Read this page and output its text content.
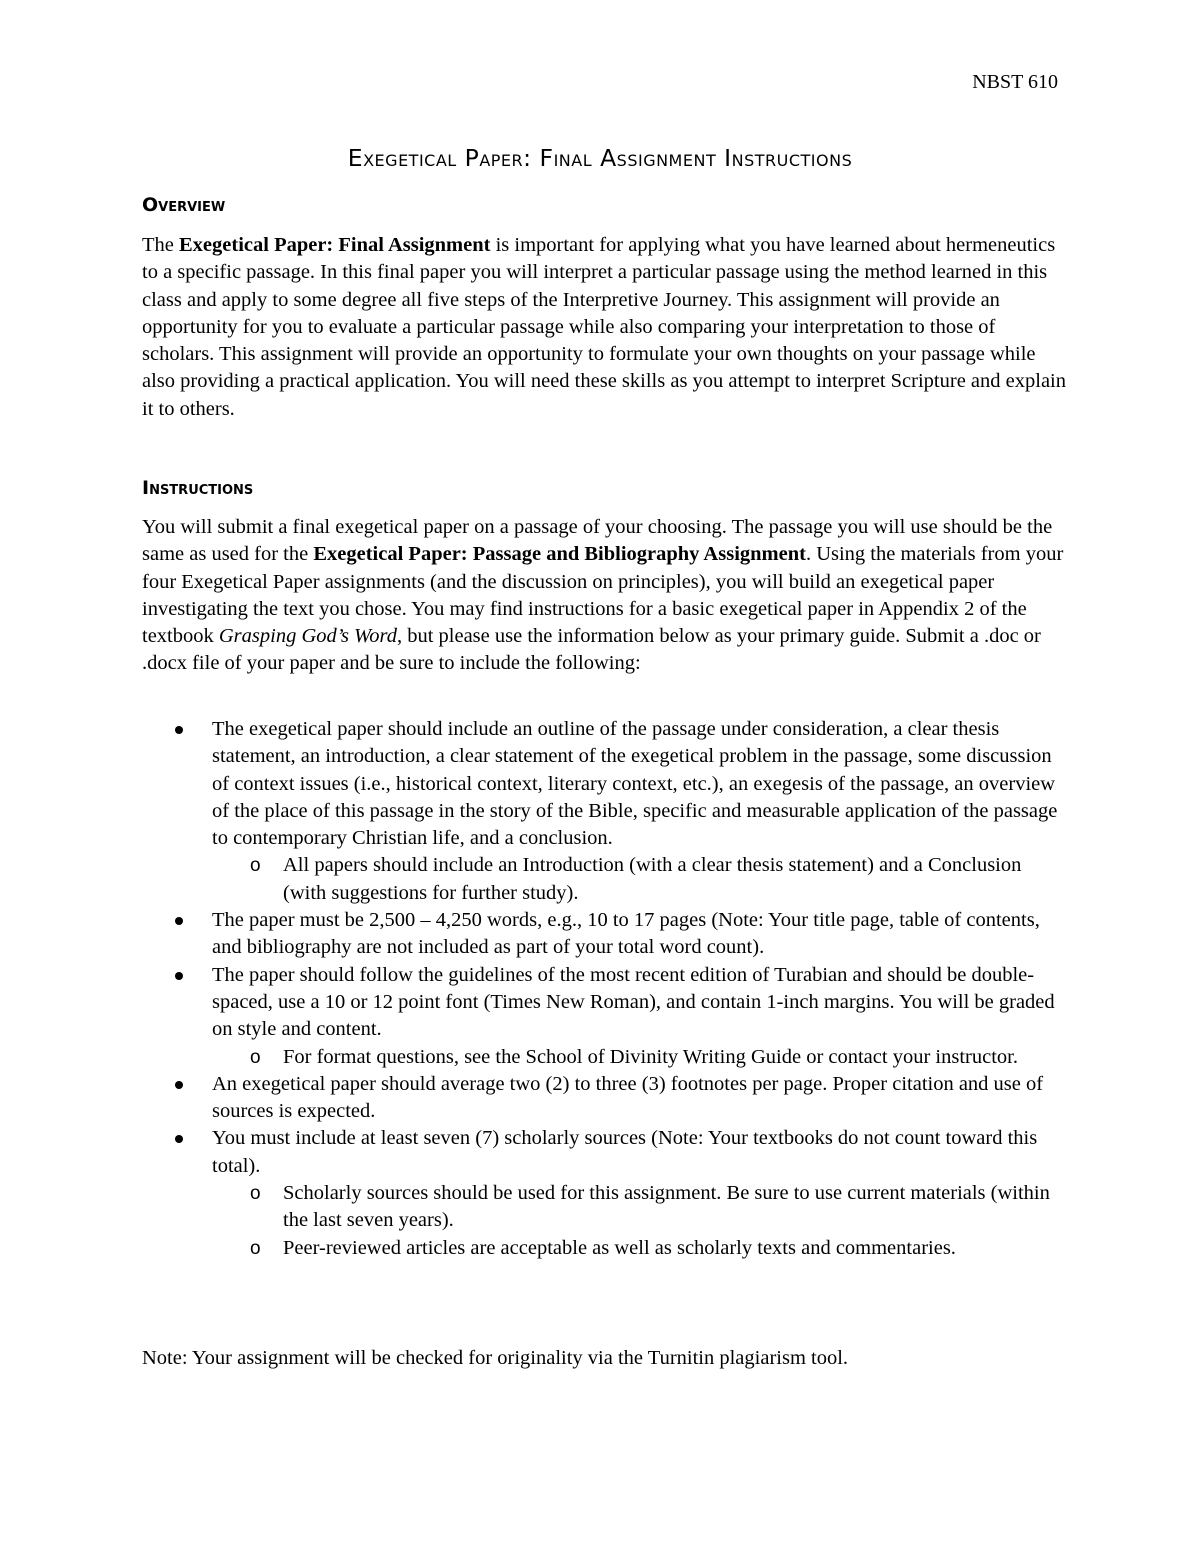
NBST 610
Exegetical Paper: Final Assignment Instructions
Overview

The Exegetical Paper: Final Assignment is important for applying what you have learned about hermeneutics to a specific passage. In this final paper you will interpret a particular passage using the method learned in this class and apply to some degree all five steps of the Interpretive Journey. This assignment will provide an opportunity for you to evaluate a particular passage while also comparing your interpretation to those of scholars. This assignment will provide an opportunity to formulate your own thoughts on your passage while also providing a practical application. You will need these skills as you attempt to interpret Scripture and explain it to others.

Instructions

You will submit a final exegetical paper on a passage of your choosing. The passage you will use should be the same as used for the Exegetical Paper: Passage and Bibliography Assignment. Using the materials from your four Exegetical Paper assignments (and the discussion on principles), you will build an exegetical paper investigating the text you chose. You may find instructions for a basic exegetical paper in Appendix 2 of the textbook Grasping God’s Word, but please use the information below as your primary guide. Submit a .doc or .docx file of your paper and be sure to include the following:

The exegetical paper should include an outline of the passage under consideration, a clear thesis statement, an introduction, a clear statement of the exegetical problem in the passage, some discussion of context issues (i.e., historical context, literary context, etc.), an exegesis of the passage, an overview of the place of this passage in the story of the Bible, specific and measurable application of the passage to contemporary Christian life, and a conclusion.
o All papers should include an Introduction (with a clear thesis statement) and a Conclusion (with suggestions for further study).
The paper must be 2,500 – 4,250 words, e.g., 10 to 17 pages (Note: Your title page, table of contents, and bibliography are not included as part of your total word count).
The paper should follow the guidelines of the most recent edition of Turabian and should be double-spaced, use a 10 or 12 point font (Times New Roman), and contain 1-inch margins. You will be graded on style and content.
o For format questions, see the School of Divinity Writing Guide or contact your instructor.
An exegetical paper should average two (2) to three (3) footnotes per page. Proper citation and use of sources is expected.
You must include at least seven (7) scholarly sources (Note: Your textbooks do not count toward this total).
o Scholarly sources should be used for this assignment. Be sure to use current materials (within the last seven years).
o Peer-reviewed articles are acceptable as well as scholarly texts and commentaries.

Note: Your assignment will be checked for originality via the Turnitin plagiarism tool.
